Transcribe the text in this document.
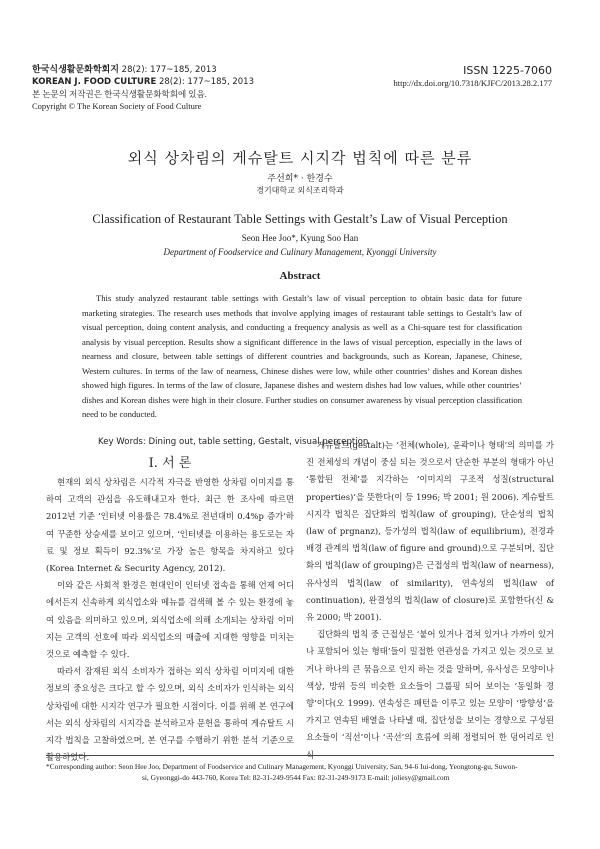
한국식생활문화학회지 28(2): 177~185, 2013
KOREAN J. FOOD CULTURE 28(2): 177~185, 2013
본 논문의 저작권은 한국식생활문화학회에 있음.
Copyright © The Korean Society of Food Culture
ISSN 1225-7060
http://dx.doi.org/10.7318/KJFC/2013.28.2.177
외식 상차림의 게슈탈트 시지각 법칙에 따른 분류
주선희* · 한경수
경기대학교 외식조리학과
Classification of Restaurant Table Settings with Gestalt’s Law of Visual Perception
Seon Hee Joo*, Kyung Soo Han
Department of Foodservice and Culinary Management, Kyonggi University
Abstract
This study analyzed restaurant table settings with Gestalt’s law of visual perception to obtain basic data for future marketing strategies. The research uses methods that involve applying images of restaurant table settings to Gestalt’s law of visual perception, doing content analysis, and conducting a frequency analysis as well as a Chi-square test for classification analysis by visual perception. Results show a significant difference in the laws of visual perception, especially in the laws of nearness and closure, between table settings of different countries and backgrounds, such as Korean, Japanese, Chinese, Western cultures. In terms of the law of nearness, Chinese dishes were low, while other countries’ dishes and Korean dishes showed high figures. In terms of the law of closure, Japanese dishes and western dishes had low values, while other countries’ dishes and Korean dishes were high in their closure. Further studies on consumer awareness by visual perception classification need to be conducted.
Key Words: Dining out, table setting, Gestalt, visual perception
I. 서 론

현재의 외식 상차림은 시각적 자극을 반영한 상차림 이미지를 통하여 고객의 관심을 유도해내고자 한다. 최근 한 조사에 따르면 2012년 기준 ‘인터넷 이용률은 78.4%로 전년대비 0.4%p 증가’하여 꾸준한 상승세를 보이고 있으며, ‘인터넷을 이용하는 용도로는 자료 및 정보 획득이 92.3%’로 가장 높은 항목을 차지하고 있다(Korea Internet & Security Agency, 2012).

이와 같은 사회적 환경은 현대인이 인터넷 접속을 통해 언제 어디에서든지 신속하게 외식업소와 메뉴를 검색해 볼 수 있는 환경에 놓여 있음을 의미하고 있으며, 외식업소에 의해 소개되는 상차림 이미지는 고객의 선호에 따라 외식업소의 매출에 지대한 영향을 미치는 것으로 예측할 수 있다.

따라서 잠재된 외식 소비자가 접하는 외식 상차림 이미지에 대한 정보의 중요성은 크다고 할 수 있으며, 외식 소비자가 인식하는 외식 상차림에 대한 시지각 연구가 필요한 시점이다. 이를 위해 본 연구에서는 외식 상차림의 시지각을 분석하고자 문헌을 통하여 게슈탈트 시지각 법칙을 고찰하였으며, 본 연구를 수행하기 위한 분석 기준으로 활용하였다.

게슈탈트(gestalt)는 ‘전체(whole), 윤곽이나 형태’의 의미를 가진 전체성의 개념이 중심 되는 것으로서 단순한 부분의 형태가 아닌 ‘통합된 전체’를 지각하는 ‘이미지의 구조적 성질(structural properties)’을 뜻한다(이 등 1996; 박 2001; 원 2006). 게슈탈트 시지각 법칙은 집단화의 법칙(law of grouping), 단순성의 법칙(law of prgnanz), 등가성의 법칙(law of equilibrium), 전경과 배경 관계의 법칙(law of figure and ground)으로 구분되며, 집단화의 법칙(law of grouping)은 근접성의 법칙(law of nearness), 유사성의 법칙(law of similarity), 연속성의 법칙(law of continuation), 완결성의 법칙(law of closure)로 포함한다(신 & 유 2000; 박 2001).

집단화의 법칙 중 근접성은 ‘붙어 있거나 겹쳐 있거나 가까이 있거나 포함되어 있는 형태’들이 밀접한 연관성을 가지고 있는 것으로 보거나 하나의 큰 묶음으로 인지 하는 것을 말하며, 유사성은 모양이나 색상, 방위 등의 비슷한 요소들이 그룹핑 되어 보이는 ‘동일화 경향’이다(오 1999). 연속성은 패턴을 이루고 있는 모양이 ‘방향성’을 가지고 연속된 배열을 나타낼 때, 집단성을 보이는 경향으로 구성된 요소들이 ‘직선’이나 ‘곡선’의 흐름에 의해 정렬되어 한 덩어리로 인식

*Corresponding author: Seon Hee Joo, Department of Foodservice and Culinary Management, Kyonggi University, San, 94-6 Iui-dong, Yeongtong-gu, Suwon-
si, Gyeonggi-do 443-760, Korea Tel: 82-31-249-9544 Fax: 82-31-249-9173 E-mail: joliesy@gmail.com
